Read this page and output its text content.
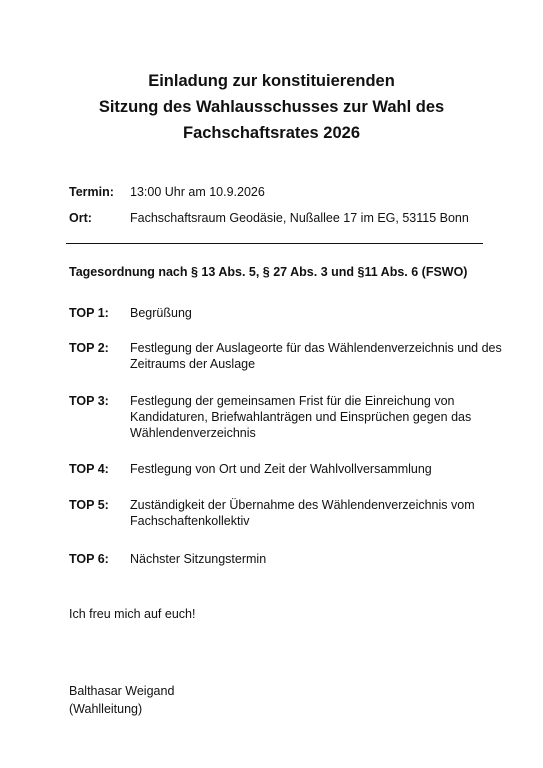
Einladung zur konstituierenden
Sitzung des Wahlausschusses zur Wahl des
Fachschaftsrates 2026
Termin: 13:00 Uhr am 10.9.2026
Ort:	Fachschaftsraum Geodäsie, Nußallee 17 im EG, 53115 Bonn
Tagesordnung nach § 13 Abs. 5, § 27 Abs. 3 und §11 Abs. 6 (FSWO)
TOP 1: Begrüßung
TOP 2: Festlegung der Auslageorte für das Wählendenverzeichnis und des
Zeitraums der Auslage
TOP 3: Festlegung der gemeinsamen Frist für die Einreichung von
Kandidaturen, Briefwahlanträgen und Einsprüchen gegen das
Wählendenverzeichnis
TOP 4: Festlegung von Ort und Zeit der Wahlvollversammlung
TOP 5: Zuständigkeit der Übernahme des Wählendenverzeichnis vom
Fachschaftenkollektiv
TOP 6: Nächster Sitzungstermin
Ich freu mich auf euch!
Balthasar Weigand
(Wahlleitung)
